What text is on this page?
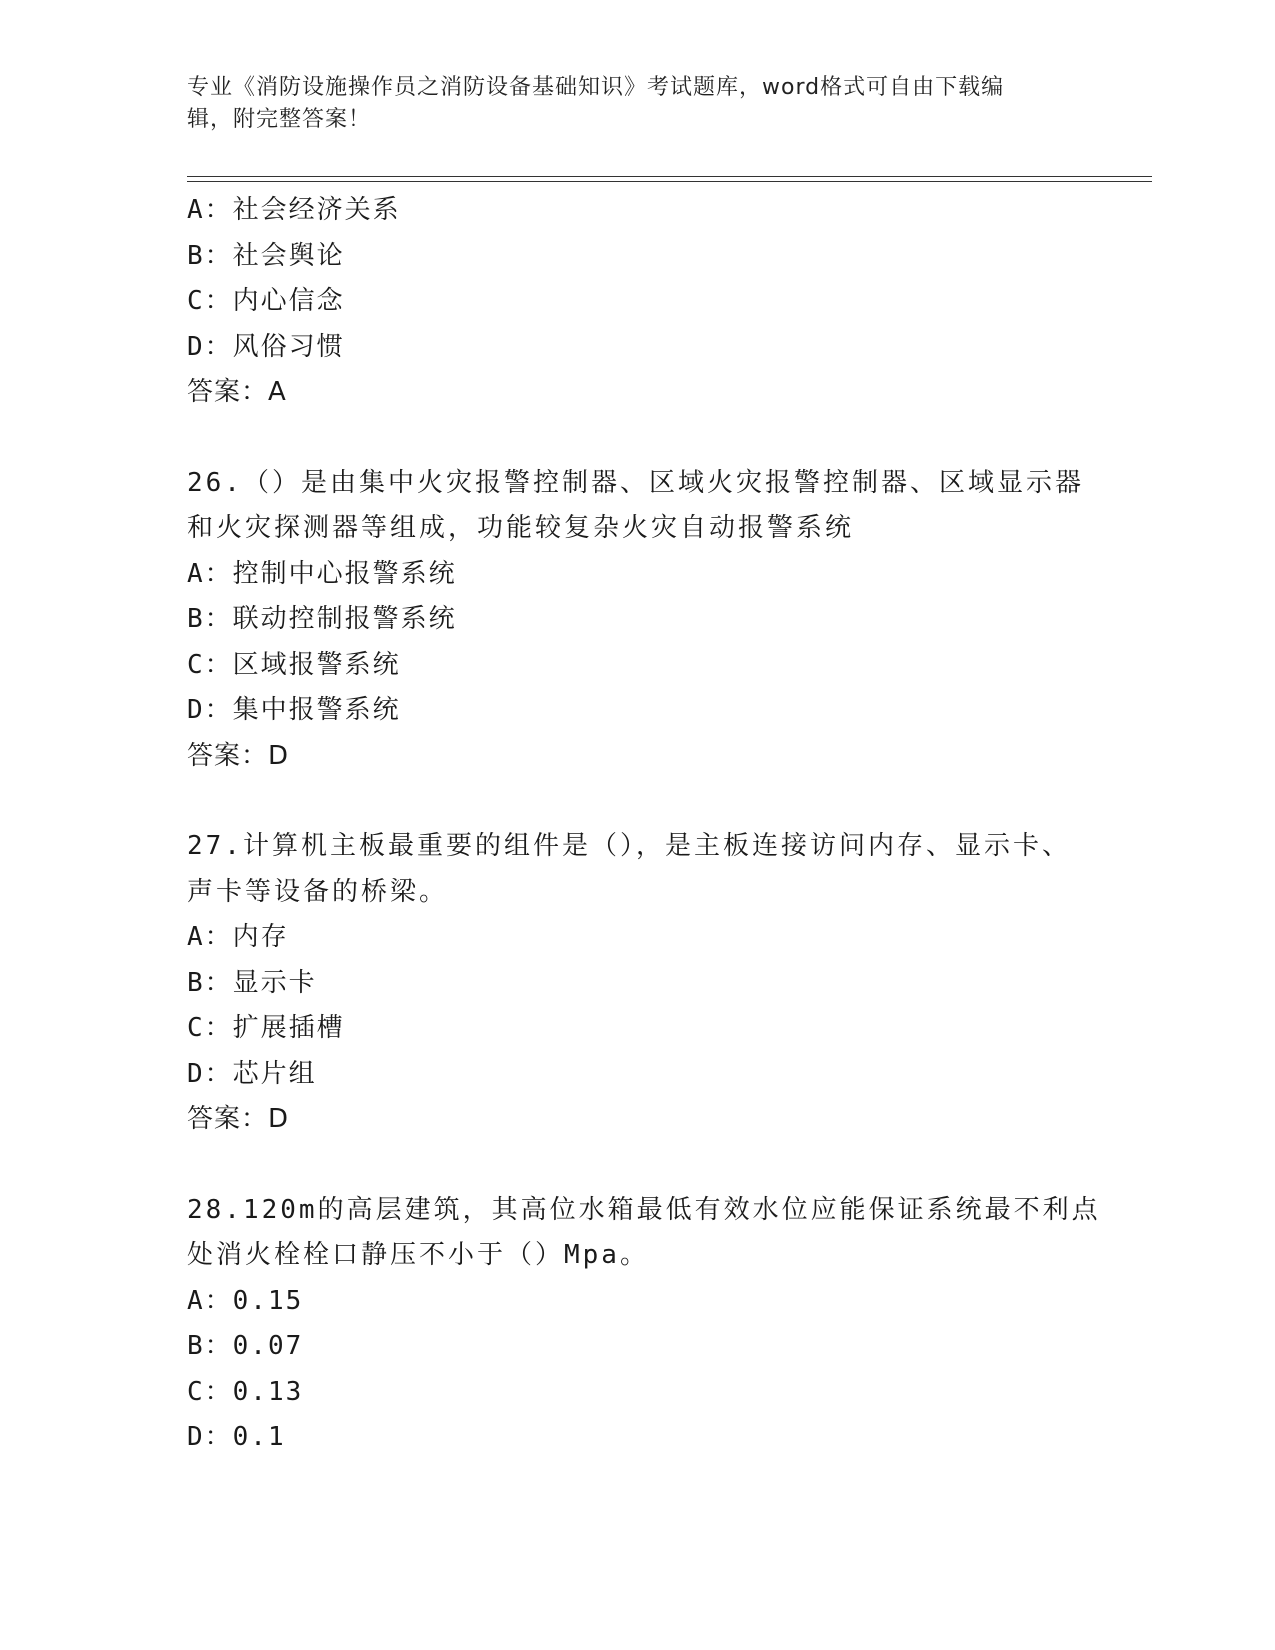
专业《消防设施操作员之消防设备基础知识》考试题库，word格式可自由下载编
辑，附完整答案！
A：社会经济关系
B：社会舆论
C：内心信念
D：风俗习惯
答案：A
26.（）是由集中火灾报警控制器、区域火灾报警控制器、区域显示器
和火灾探测器等组成，功能较复杂火灾自动报警系统
A：控制中心报警系统
B：联动控制报警系统
C：区域报警系统
D：集中报警系统
答案：D
27.计算机主板最重要的组件是（），是主板连接访问内存、显示卡、
声卡等设备的桥梁。
A：内存
B：显示卡
C：扩展插槽
D：芯片组
答案：D
28.120m的高层建筑，其高位水箱最低有效水位应能保证系统最不利点
处消火栓栓口静压不小于（）Mpa。
A：0.15
B：0.07
C：0.13
D：0.1
